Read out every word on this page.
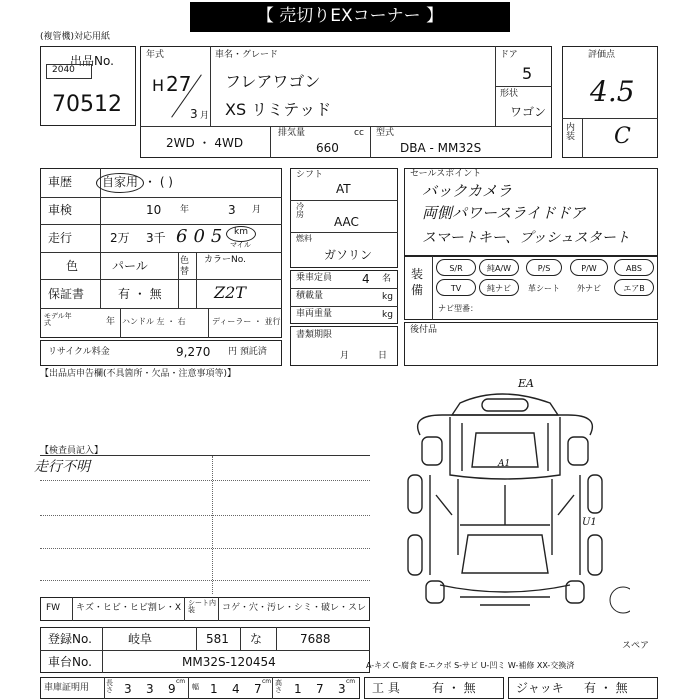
【 売切りEXコーナー 】
(複管機)対応用紙
出品No.
2040
70512
年式
H 27
3 月
車名・グレード
フレアワゴン
XS リミテッド
ドア
5
形状
ワゴン
2WD ・ 4WD
排気量	cc
660
型式
DBA - MM32S
評価点
4.5
内装 C
車歴 自家用 ・ ( )
車検	10 年	3 月
走行	2万 3千 605 km
マイル
色	パール	色替
カラーNo.
保証書	有 ・ 無	Z2T
モデル年式	年 ハンドル 左 ・ 右	ディーラー ・ 並行
リサイクル料金	9,270 円 預託済
シフト
AT
冷房
AAC
燃料
ガソリン
乗車定員 4 名
積載量	kg
車両重量	kg
書類期限
月	日
セールスポイント
バックカメラ
両側パワースライドドア
スマートキー、プッシュスタート
装備
S/R	純A/W	P/S	P/W	ABS
TV	純ナビ	革シート	外ナビ	エアB
ナビ型番：
後付品
【出品店申告欄(不具箇所・欠品・注意事項等)】
【検査員記入】
走行不明
EA
A1
U1
スペア
FW キズ・ヒビ・ヒビ割レ・X シート内装	コゲ・穴・汚レ・シミ・破レ・スレ
登録No.	岐阜	581 な	7688
車台No.	MM32S-120454	A-キズ C-腐食 E-エクボ S-サビ U-凹ミ W-補修 XX-交換済
車庫証明用 長さ 3 3 9
cm
幅 1 4 7
cm 高さ 1 7 3
cm 工 具	有 ・ 無	ジャッキ 有 ・ 無
